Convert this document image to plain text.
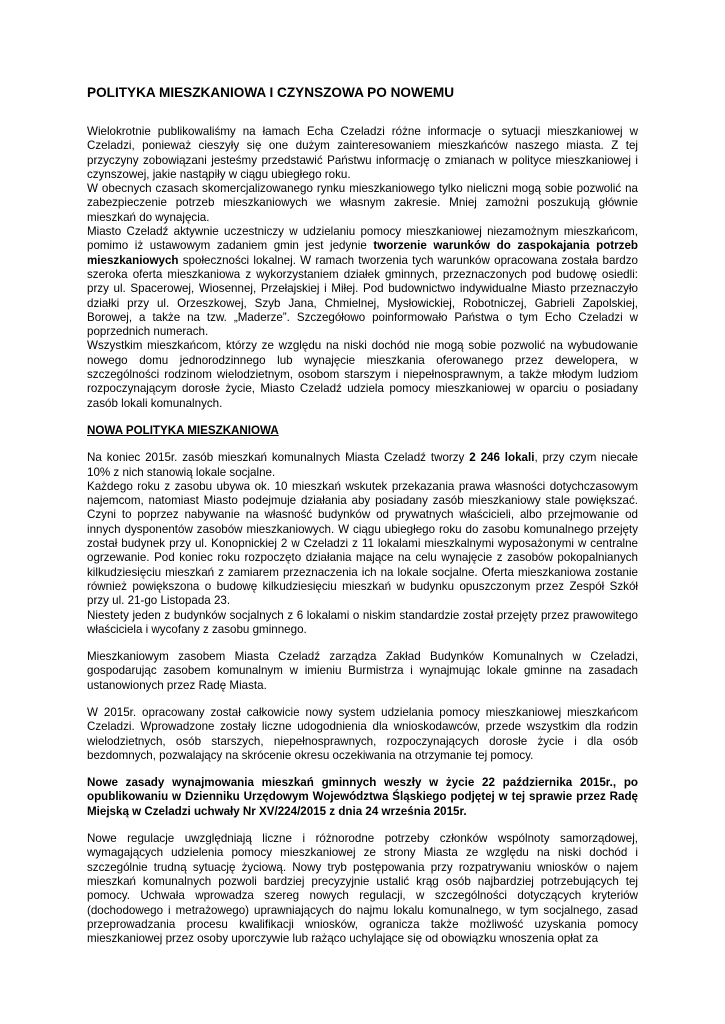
POLITYKA MIESZKANIOWA I CZYNSZOWA PO NOWEMU

Wielokrotnie publikowaliśmy na łamach Echa Czeladzi różne informacje o sytuacji mieszkaniowej w Czeladzi, ponieważ cieszyły się one dużym zainteresowaniem mieszkańców naszego miasta. Z tej przyczyny zobowiązani jesteśmy przedstawić Państwu informację o zmianach w polityce mieszkaniowej i czynszowej, jakie nastąpiły w ciągu ubiegłego roku.

W obecnych czasach skomercjalizowanego rynku mieszkaniowego tylko nieliczni mogą sobie pozwolić na zabezpieczenie potrzeb mieszkaniowych we własnym zakresie. Mniej zamożni poszukują głównie mieszkań do wynajęcia.

Miasto Czeladź aktywnie uczestniczy w udzielaniu pomocy mieszkaniowej niezamożnym mieszkańcom, pomimo iż ustawowym zadaniem gmin jest jedynie tworzenie warunków do zaspokajania potrzeb mieszkaniowych społeczności lokalnej. W ramach tworzenia tych warunków opracowana została bardzo szeroka oferta mieszkaniowa z wykorzystaniem działek gminnych, przeznaczonych pod budowę osiedli: przy ul. Spacerowej, Wiosennej, Przełajskiej i Miłej. Pod budownictwo indywidualne Miasto przeznaczyło działki przy ul. Orzeszkowej, Szyb Jana, Chmielnej, Mysłowickiej, Robotniczej, Gabrieli Zapolskiej, Borowej, a także na tzw. „Maderze”. Szczegółowo poinformowało Państwa o tym Echo Czeladzi w poprzednich numerach.

Wszystkim mieszkańcom, którzy ze względu na niski dochód nie mogą sobie pozwolić na wybudowanie nowego domu jednorodzinnego lub wynajęcie mieszkania oferowanego przez dewelopera, w szczególności rodzinom wielodzietnym, osobom starszym i niepełnosprawnym, a także młodym ludziom rozpoczynającym dorosłe życie, Miasto Czeladź udziela pomocy mieszkaniowej w oparciu o posiadany zasób lokali komunalnych.

NOWA POLITYKA MIESZKANIOWA

Na koniec 2015r. zasób mieszkań komunalnych Miasta Czeladź tworzy 2 246 lokali, przy czym niecałe 10% z nich stanowią lokale socjalne.

Każdego roku z zasobu ubywa ok. 10 mieszkań wskutek przekazania prawa własności dotychczasowym najemcom, natomiast Miasto podejmuje działania aby posiadany zasób mieszkaniowy stale powiększać. Czyni to poprzez nabywanie na własność budynków od prywatnych właścicieli, albo przejmowanie od innych dysponentów zasobów mieszkaniowych. W ciągu ubiegłego roku do zasobu komunalnego przejęty został budynek przy ul. Konopnickiej 2 w Czeladzi z 11 lokalami mieszkalnymi wyposażonymi w centralne ogrzewanie. Pod koniec roku rozpoczęto działania mające na celu wynajęcie z zasobów pokopalnianych kilkudziesięciu mieszkań z zamiarem przeznaczenia ich na lokale socjalne. Oferta mieszkaniowa zostanie również powiększona o budowę kilkudziesięciu mieszkań w budynku opuszczonym przez Zespół Szkół przy ul. 21-go Listopada 23.

Niestety jeden z budynków socjalnych z 6 lokalami o niskim standardzie został przejęty przez prawowitego właściciela i wycofany z zasobu gminnego.

Mieszkaniowym zasobem Miasta Czeladź zarządza Zakład Budynków Komunalnych w Czeladzi, gospodarując zasobem komunalnym w imieniu Burmistrza i wynajmując lokale gminne na zasadach ustanowionych przez Radę Miasta.

W 2015r. opracowany został całkowicie nowy system udzielania pomocy mieszkaniowej mieszkańcom Czeladzi. Wprowadzone zostały liczne udogodnienia dla wnioskodawców, przede wszystkim dla rodzin wielodzietnych, osób starszych, niepełnosprawnych, rozpoczynających dorosłe życie i dla osób bezdomnych, pozwalający na skrócenie okresu oczekiwania na otrzymanie tej pomocy.

Nowe zasady wynajmowania mieszkań gminnych weszły w życie 22 października 2015r., po opublikowaniu w Dzienniku Urzędowym Województwa Śląskiego podjętej w tej sprawie przez Radę Miejską w Czeladzi uchwały Nr XV/224/2015 z dnia 24 września 2015r.

Nowe regulacje uwzględniają liczne i różnorodne potrzeby członków wspólnoty samorządowej, wymagających udzielenia pomocy mieszkaniowej ze strony Miasta ze względu na niski dochód i szczególnie trudną sytuację życiową. Nowy tryb postępowania przy rozpatrywaniu wniosków o najem mieszkań komunalnych pozwoli bardziej precyzyjnie ustalić krąg osób najbardziej potrzebujących tej pomocy. Uchwała wprowadza szereg nowych regulacji, w szczególności dotyczących kryteriów (dochodowego i metrażowego) uprawniających do najmu lokalu komunalnego, w tym socjalnego, zasad przeprowadzania procesu kwalifikacji wniosków, ogranicza także możliwość uzyskania pomocy mieszkaniowej przez osoby uporczywie lub rażąco uchylające się od obowiązku wnoszenia opłat za
